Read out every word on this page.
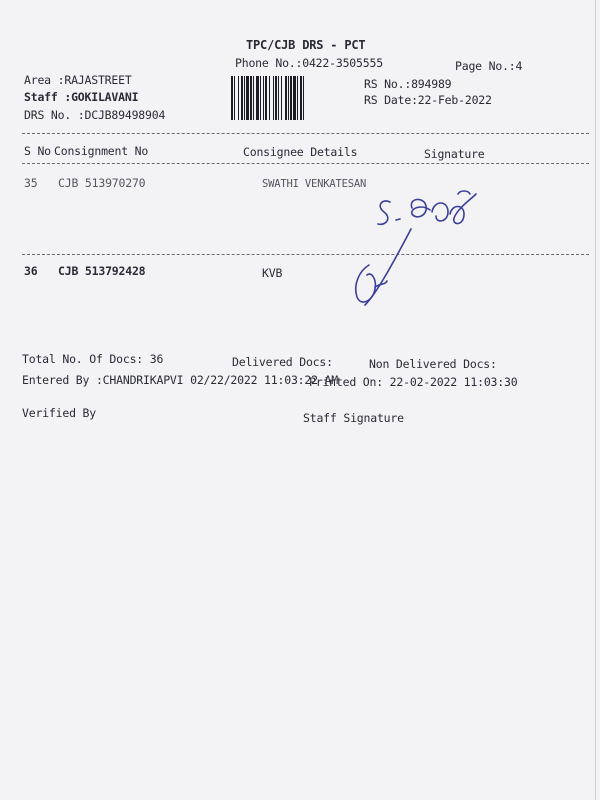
TPC/CJB DRS - PCT
Phone No.:0422-3505555	Page No.:4
Area :RAJASTREET
Staff :GOKILAVANI
DRS No. :DCJB89498904
RS No.:894989
RS Date:22-Feb-2022
S No Consignment No	Consignee Details	Signature
35 CJB 513970270	SWATHI VENKATESAN
36 CJB 513792428	KVB
Total No. Of Docs: 36	Delivered Docs:	Non Delivered Docs:
Entered By :CHANDRIKAPVI 02/22/2022 11:03:22 AM
Printed On: 22-02-2022 11:03:30
Verified By	Staff Signature
